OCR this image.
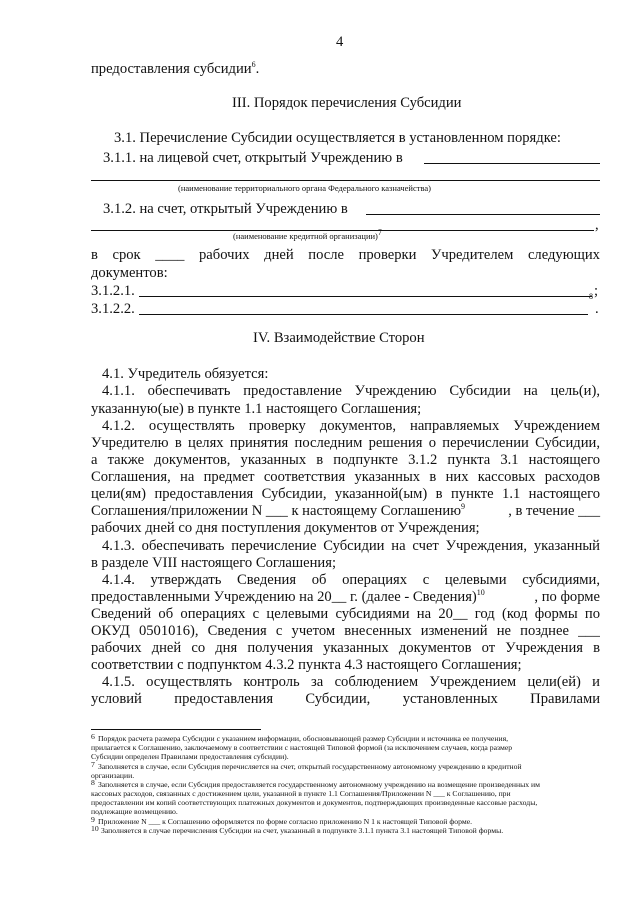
4
предоставления субсидии$^6$.
III. Порядок перечисления Субсидии
3.1. Перечисление Субсидии осуществляется в установленном порядке:
3.1.1. на лицевой счет, открытый Учреждению в
(наименование территориального органа Федерального казначейства)
3.1.2. на счет, открытый Учреждению в
,
(наименование кредитной организации)$^7$
в срок ____ рабочих дней после проверки Учредителем следующих
документов:
3.1.2.1.	;
3.1.2.2.
8
.
IV. Взаимодействие Сторон
4.1. Учредитель обязуется:
4.1.1. обеспечивать предоставление Учреждению Субсидии на цель(и),
указанную(ые) в пункте 1.1 настоящего Соглашения;
4.1.2. осуществлять проверку документов, направляемых Учреждением
Учредителю в целях принятия последним решения о перечислении Субсидии,
а также документов, указанных в подпункте 3.1.2 пункта 3.1 настоящего
Соглашения, на предмет соответствия указанных в них кассовых расходов
цели(ям) предоставления Субсидии, указанной(ым) в пункте 1.1 настоящего
Соглашения/приложении N ___ к настоящему Соглашению$^9$	, в течение ___
рабочих дней со дня поступления документов от Учреждения;
4.1.3. обеспечивать перечисление Субсидии на счет Учреждения, указанный
в разделе VIII настоящего Соглашения;
4.1.4. утверждать Сведения об операциях с целевыми субсидиями,
предоставленными Учреждению на 20__ г. (далее - Сведения)$^{10}$	, по форме
Сведений об операциях с целевыми субсидиями на 20__ год (код формы по
ОКУД 0501016), Сведения с учетом внесенных изменений не позднее ___
рабочих дней со дня получения указанных документов от Учреждения в
соответствии с подпунктом 4.3.2 пункта 4.3 настоящего Соглашения;
4.1.5. осуществлять контроль за соблюдением Учреждением цели(ей) и
условий предоставления Субсидии, установленных Правилами
6 Порядок расчета размера Субсидии с указанием информации, обосновывающей размер Субсидии и источника ее получения,
прилагается к Соглашению, заключаемому в соответствии с настоящей Типовой формой (за исключением случаев, когда размер
Субсидии определен Правилами предоставления субсидии).
7 Заполняется в случае, если Субсидия перечисляется на счет, открытый государственному автономному учреждению в кредитной
организации.
8 Заполняется в случае, если Субсидия предоставляется государственному автономному учреждению на возмещение произведенных им
кассовых расходов, связанных с достижением цели, указанной в пункте 1.1 Соглашения/Приложении N ___ к Соглашению, при
предоставлении им копий соответствующих платежных документов и документов, подтверждающих произведенные кассовые расходы,
подлежащие возмещению.
9 Приложение N ___ к Соглашению оформляется по форме согласно приложению N 1 к настоящей Типовой форме.
10 Заполняется в случае перечисления Субсидии на счет, указанный в подпункте 3.1.1 пункта 3.1 настоящей Типовой формы.
